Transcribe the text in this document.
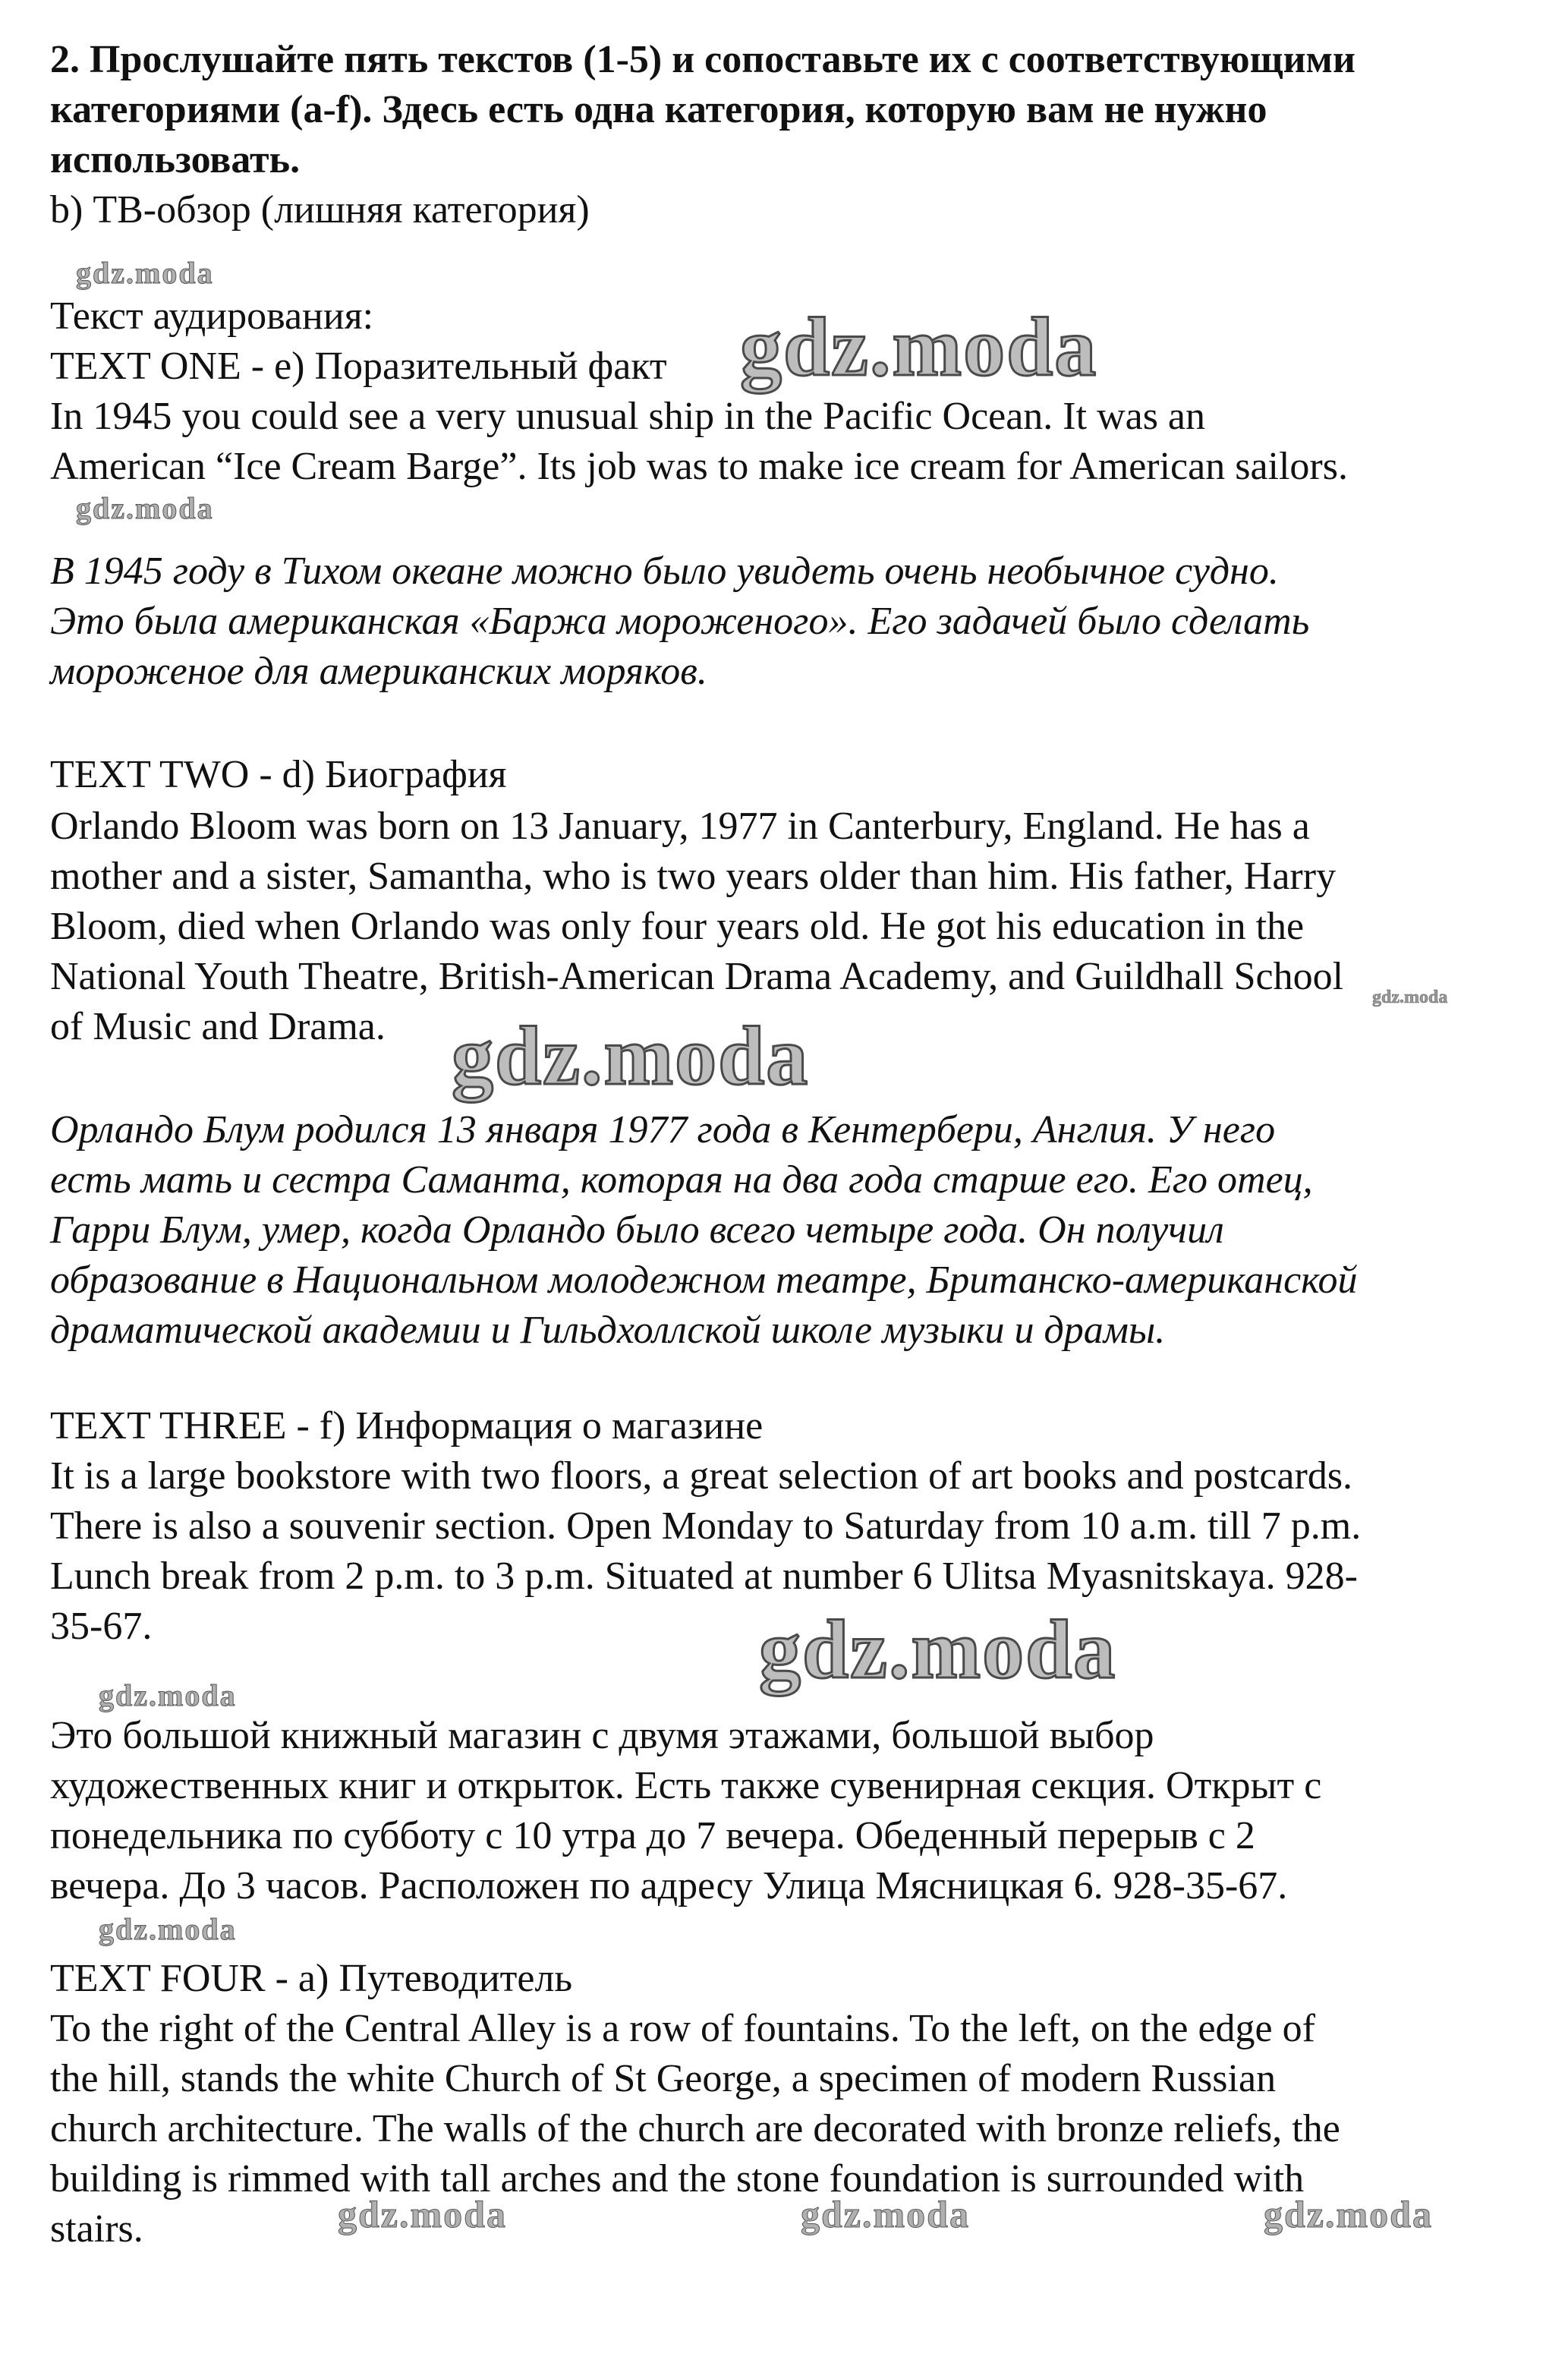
2. Прослушайте пять текстов (1-5) и сопоставьте их с соответствующими
категориями (a-f). Здесь есть одна категория, которую вам не нужно
использовать.
b) ТВ-обзор (лишняя категория)
gdz.moda
Текст аудирования:
TEXT ONE - e) Поразительный факт gdz.moda
In 1945 you could see a very unusual ship in the Pacific Ocean. It was an
American “Ice Cream Barge”. Its job was to make ice cream for American sailors.
gdz.moda
В 1945 году в Тихом океане можно было увидеть очень необычное судно.
Это была американская «Баржа мороженого». Его задачей было сделать
мороженое для американских моряков.
TEXT TWO - d) Биография
Orlando Bloom was born on 13 January, 1977 in Canterbury, England. He has a
mother and a sister, Samantha, who is two years older than him. His father, Harry
Bloom, died when Orlando was only four years old. He got his education in the
National Youth Theatre, British-American Drama Academy, and Guildhall School gdz.moda
of Music and Drama. gdz.moda
Орландо Блум родился 13 января 1977 года в Кентербери, Англия. У него
есть мать и сестра Саманта, которая на два года старше его. Его отец,
Гарри Блум, умер, когда Орландо было всего четыре года. Он получил
образование в Национальном молодежном театре, Британско-американской
драматической академии и Гильдхоллской школе музыки и драмы.
TEXT THREE - f) Информация о магазине
It is a large bookstore with two floors, a great selection of art books and postcards.
There is also a souvenir section. Open Monday to Saturday from 10 a.m. till 7 p.m.
Lunch break from 2 p.m. to 3 p.m. Situated at number 6 Ulitsa Myasnitskaya. 928-
35-67.	gdz.moda
gdz.moda
Это большой книжный магазин с двумя этажами, большой выбор
художественных книг и открыток. Есть также сувенирная секция. Открыт с
понедельника по субботу с 10 утра до 7 вечера. Обеденный перерыв с 2
вечера. До 3 часов. Расположен по адресу Улица Мясницкая 6. 928-35-67.
gdz.moda
TEXT FOUR - a) Путеводитель
To the right of the Central Alley is a row of fountains. To the left, on the edge of
the hill, stands the white Church of St George, a specimen of modern Russian
church architecture. The walls of the church are decorated with bronze reliefs, the
building is rimmed with tall arches and the stone foundation is surrounded with
stairs.	gdz.moda	gdz.moda	gdz.moda
